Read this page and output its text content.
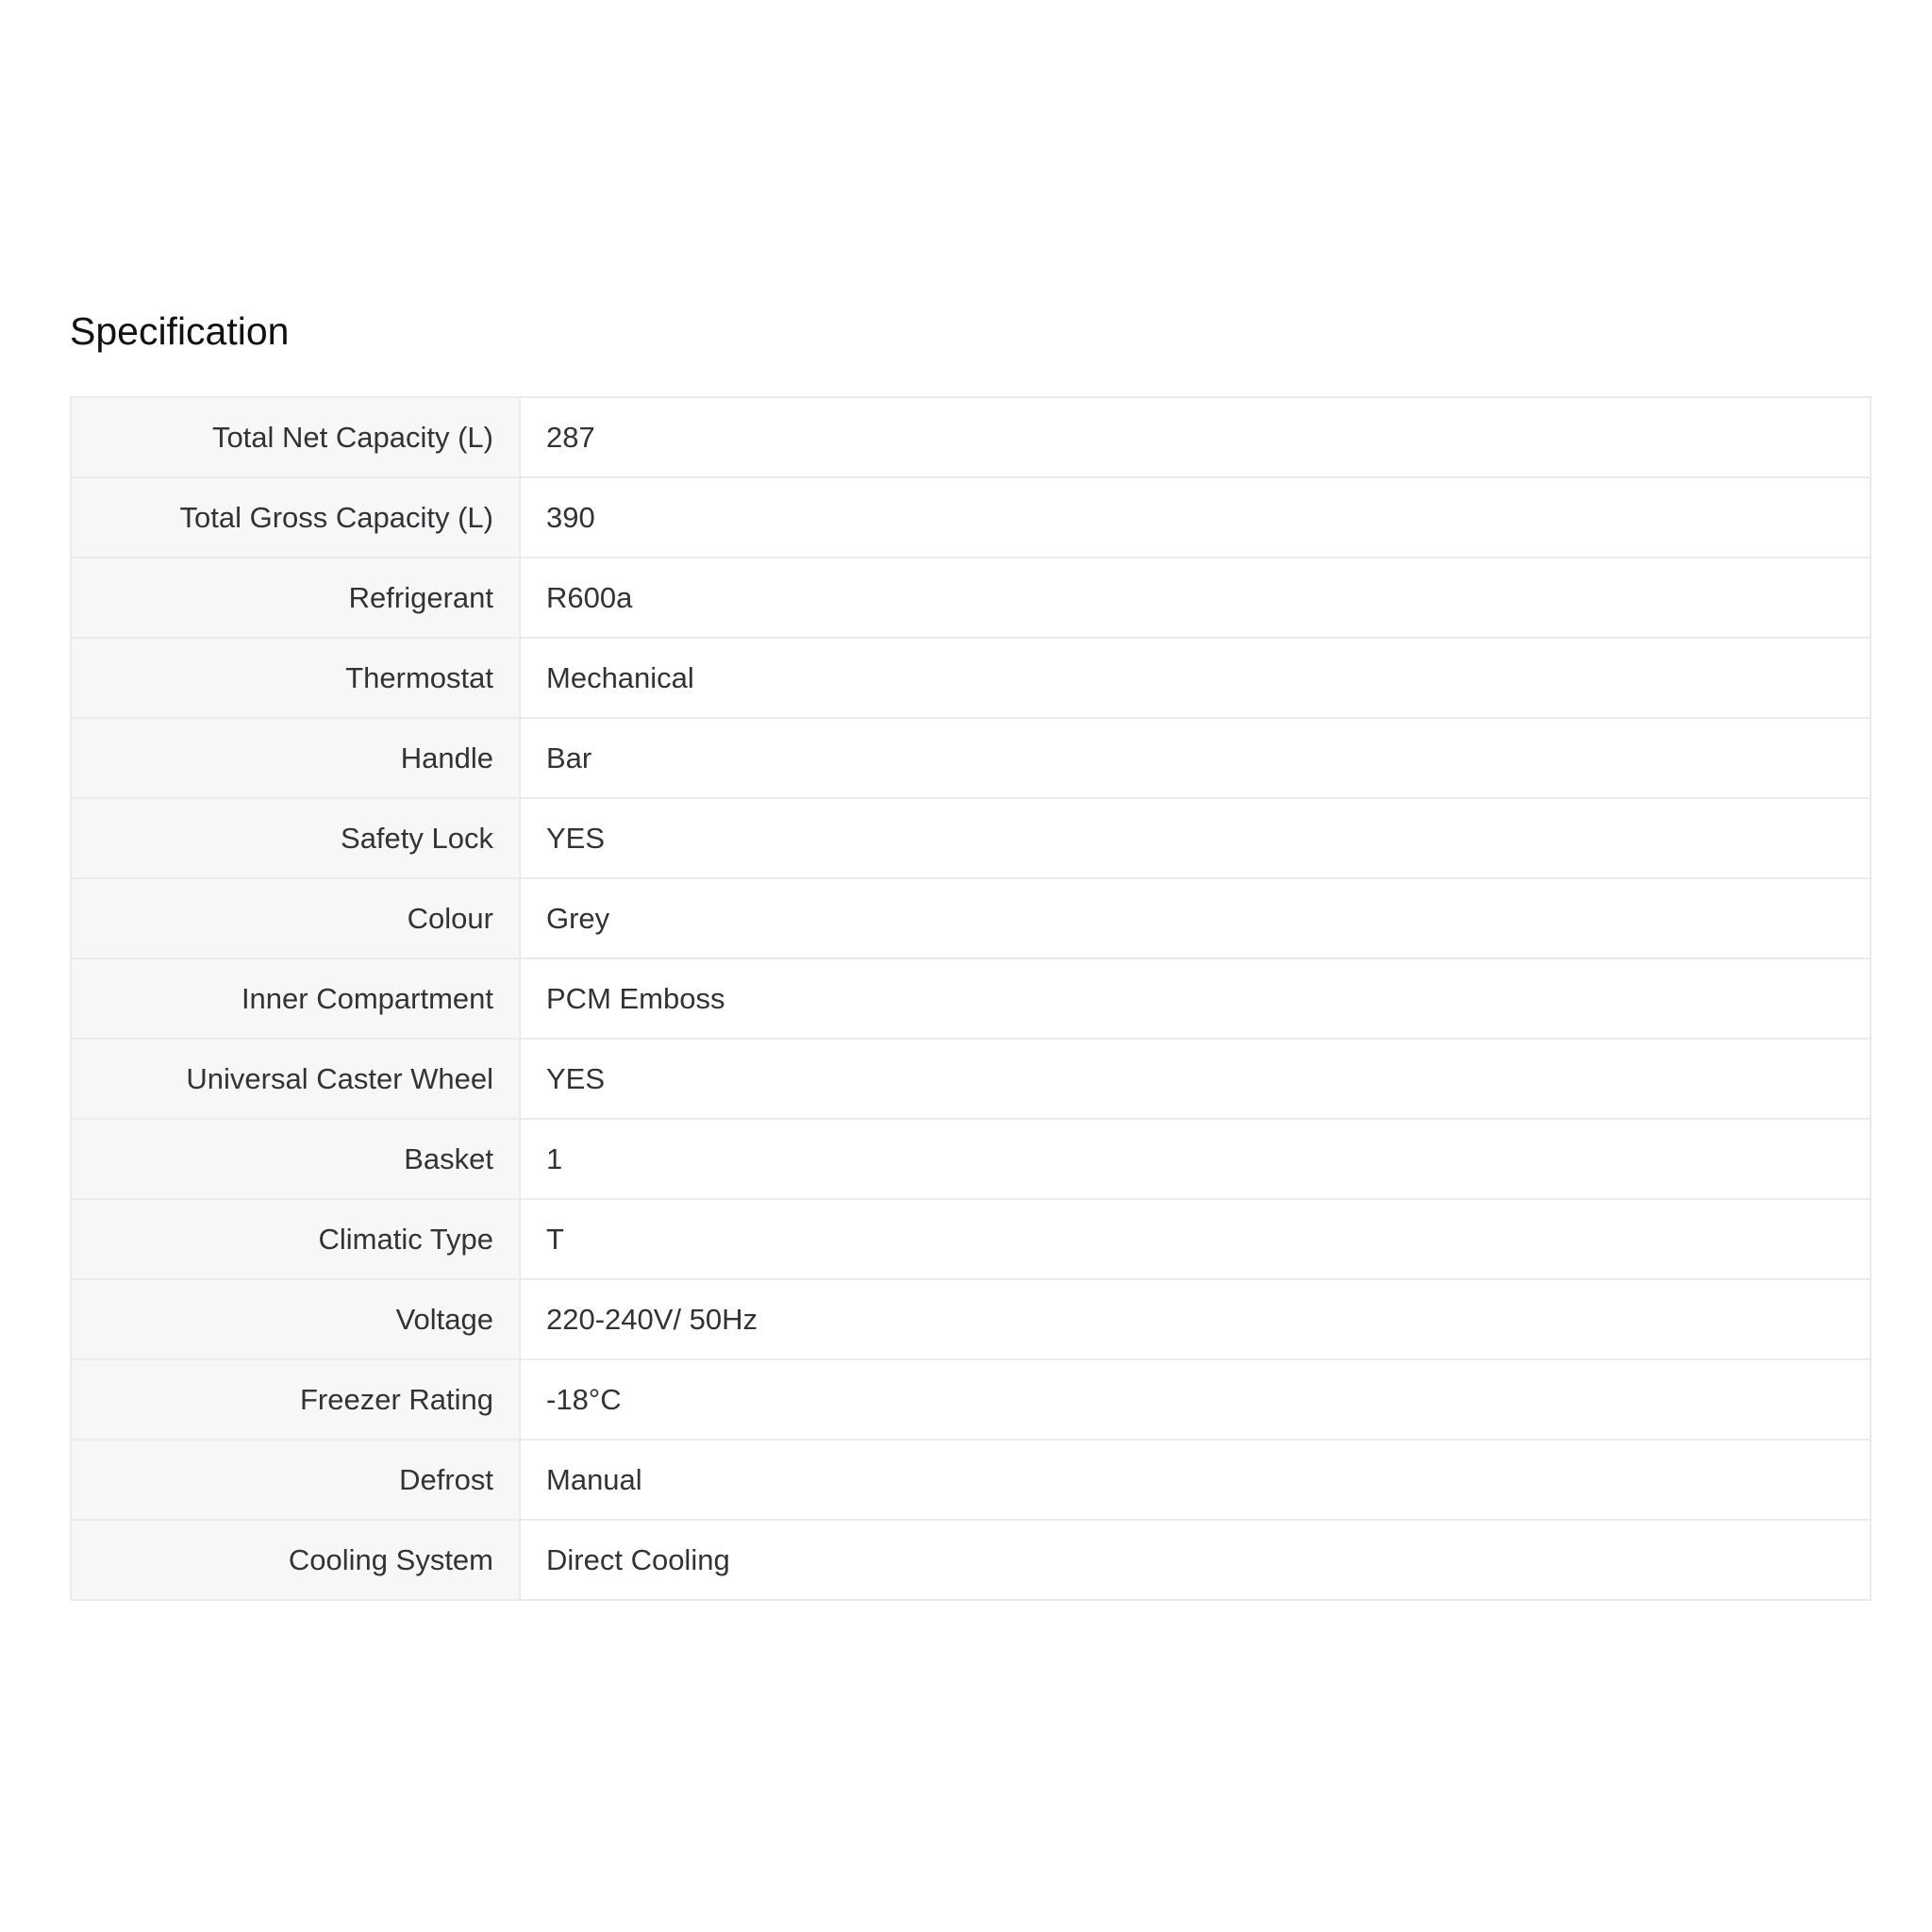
Specification
Total Net Capacity (L)	287
Total Gross Capacity (L)	390
Refrigerant	R600a
Thermostat	Mechanical
Handle	Bar
Safety Lock	YES
Colour	Grey
Inner Compartment	PCM Emboss
Universal Caster Wheel	YES
Basket	1
Climatic Type	T
Voltage	220-240V/ 50Hz
Freezer Rating	-18°C
Defrost	Manual
Cooling System	Direct Cooling
